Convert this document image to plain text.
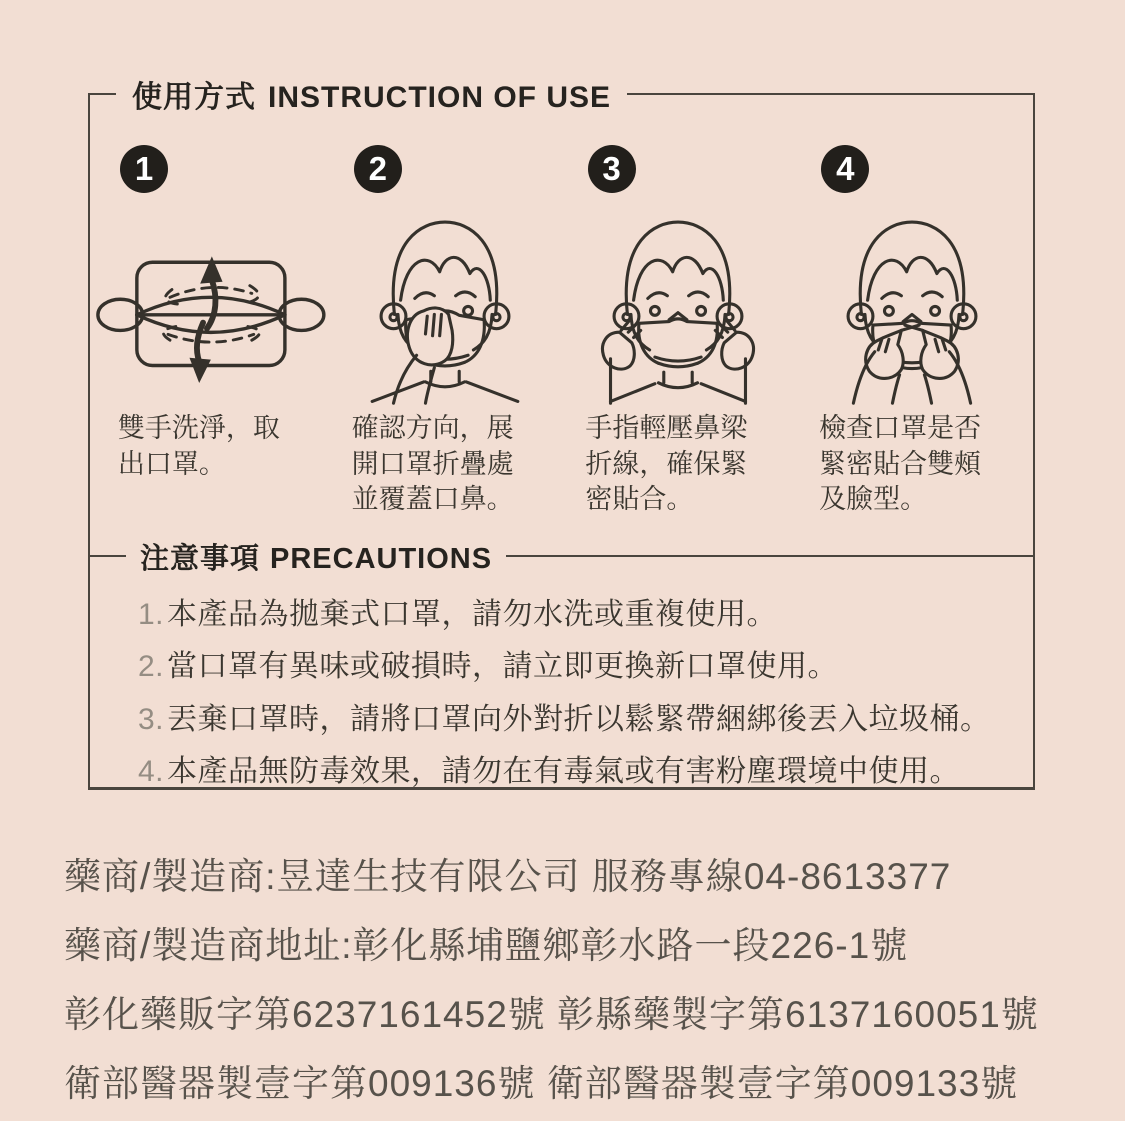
使用方式 INSTRUCTION OF USE
1

雙手洗淨，取出口罩。

2

確認方向，展開口罩折疊處並覆蓋口鼻。

3

手指輕壓鼻梁折線，確保緊密貼合。

4

檢查口罩是否緊密貼合雙頰及臉型。

注意事項 PRECAUTIONS
1. 本產品為拋棄式口罩，請勿水洗或重複使用。
2. 當口罩有異味或破損時，請立即更換新口罩使用。
3. 丟棄口罩時，請將口罩向外對折以鬆緊帶綑綁後丟入垃圾桶。
4. 本產品無防毒效果，請勿在有毒氣或有害粉塵環境中使用。

藥商/製造商:昱達生技有限公司 服務專線04-8613377

藥商/製造商地址:彰化縣埔鹽鄉彰水路一段226-1號

彰化藥販字第6237161452號 彰縣藥製字第6137160051號

衛部醫器製壹字第009136號 衛部醫器製壹字第009133號
